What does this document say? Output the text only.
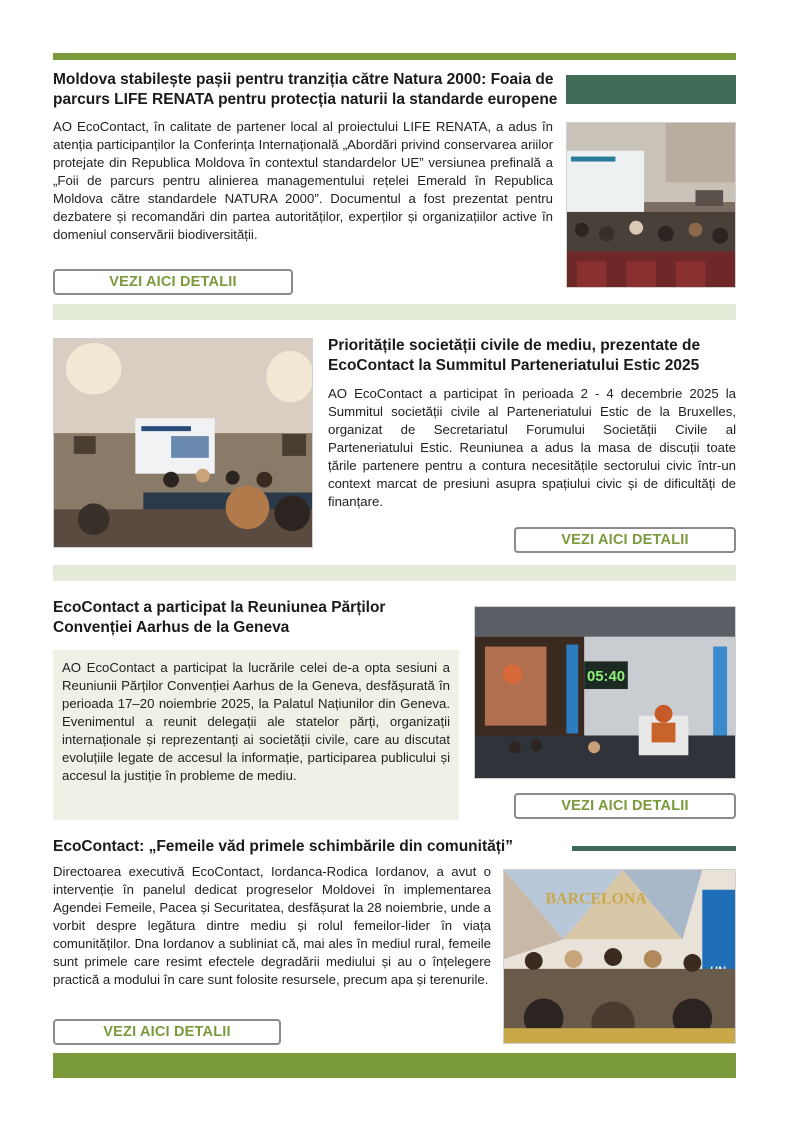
Moldova stabilește pașii pentru tranziția către Natura 2000: Foaia de parcurs LIFE RENATA pentru protecția naturii la standarde europene

AO EcoContact, în calitate de partener local al proiectului LIFE RENATA, a adus în atenția participanților la Conferința Internațională „Abordări privind conservarea ariilor protejate din Republica Moldova în contextul standardelor UE” versiunea prefinală a „Foii de parcurs pentru alinierea managementului rețelei Emerald în Republica Moldova către standardele NATURA 2000”. Documentul a fost prezentat pentru dezbatere și recomandări din partea autorităților, experților și organizațiilor active în domeniul conservării biodiversității.

VEZI AICI DETALII
Prioritățile societății civile de mediu, prezentate de EcoContact la Summitul Parteneriatului Estic 2025

AO EcoContact a participat în perioada 2 - 4 decembrie 2025 la Summitul societății civile al Parteneriatului Estic de la Bruxelles, organizat de Secretariatul Forumului Societății Civile al Parteneriatului Estic. Reuniunea a adus la masa de discuții toate țările partenere pentru a contura necesitățile sectorului civic într-un context marcat de presiuni asupra spațiului civic și de dificultăți de finanțare.

VEZI AICI DETALII
EcoContact a participat la Reuniunea Părților Convenției Aarhus de la Geneva

AO EcoContact a participat la lucrările celei de-a opta sesiuni a Reuniunii Părților Convenției Aarhus de la Geneva, desfășurată în perioada 17–20 noiembrie 2025, la Palatul Națiunilor din Geneva. Evenimentul a reunit delegații ale statelor părți, organizații internaționale și reprezentanți ai societății civile, care au discutat evoluțiile legate de accesul la informație, participarea publicului și accesul la justiție în probleme de mediu.

05:40
VEZI AICI DETALII
EcoContact: „Femeile văd primele schimbările din comunități”

Directoarea executivă EcoContact, Iordanca-Rodica Iordanov, a avut o intervenție în panelul dedicat progreselor Moldovei în implementarea Agendei Femeile, Pacea și Securitatea, desfășurat la 28 noiembrie, unde a vorbit despre legătura dintre mediu și rolul femeilor-lider în viața comunităților. Dna Iordanov a subliniat că, mai ales în mediul rural, femeile sunt primele care resimt efectele degradării mediului și au o înțelegere practică a modului în care sunt folosite resursele, precum apa și terenurile.

BARCELONA
VEZI AICI DETALII
